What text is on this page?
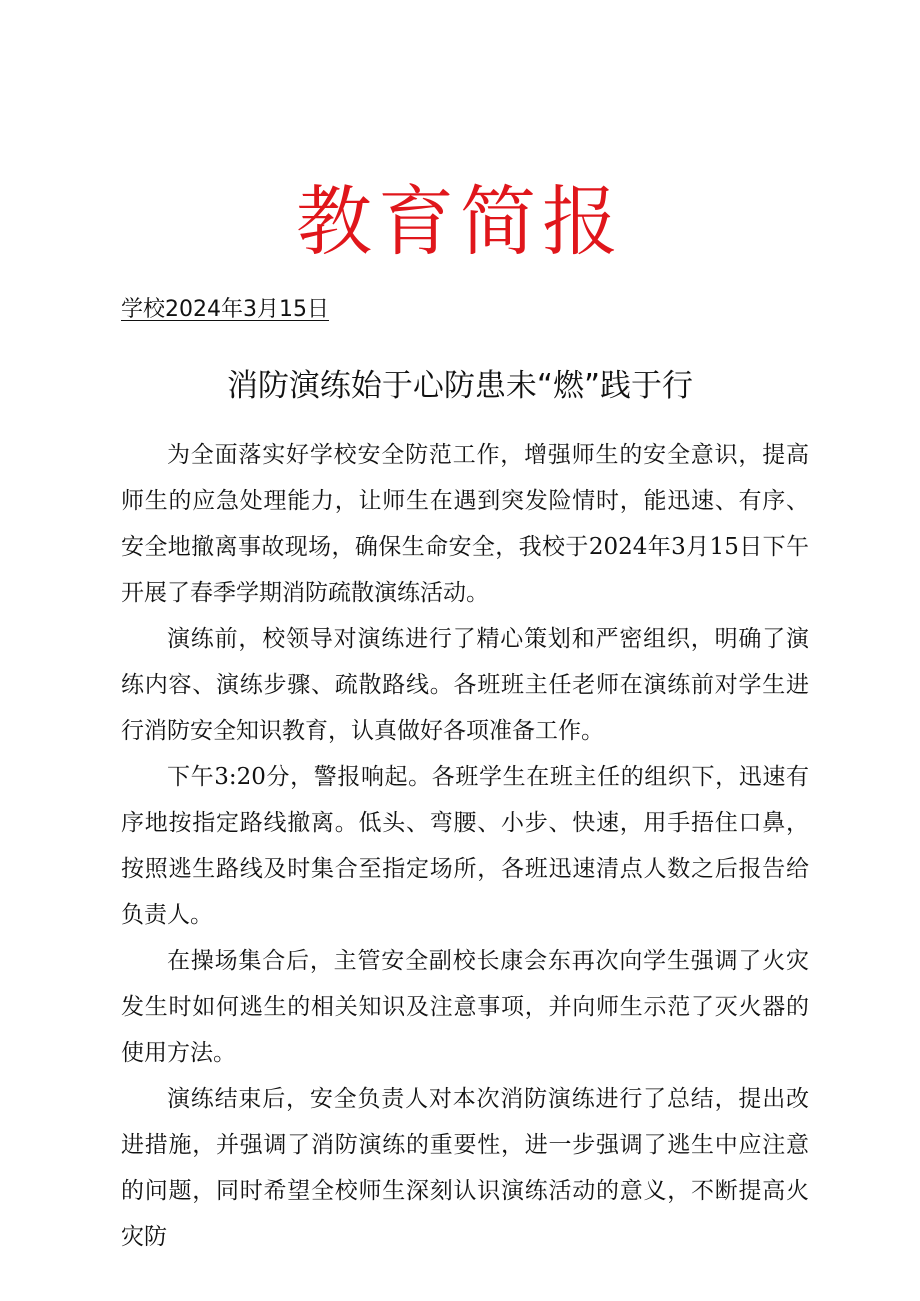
教育简报
学校2024年3月15日
消防演练始于心防患未“燃”践于行

为全面落实好学校安全防范工作，增强师生的安全意识，提高师生的应急处理能力，让师生在遇到突发险情时，能迅速、有序、安全地撤离事故现场，确保生命安全，我校于2024年3月15日下午开展了春季学期消防疏散演练活动。

演练前，校领导对演练进行了精心策划和严密组织，明确了演练内容、演练步骤、疏散路线。各班班主任老师在演练前对学生进行消防安全知识教育，认真做好各项准备工作。

下午3:20分，警报响起。各班学生在班主任的组织下，迅速有序地按指定路线撤离。低头、弯腰、小步、快速，用手捂住口鼻，按照逃生路线及时集合至指定场所，各班迅速清点人数之后报告给负责人。

在操场集合后，主管安全副校长康会东再次向学生强调了火灾发生时如何逃生的相关知识及注意事项，并向师生示范了灭火器的使用方法。

演练结束后，安全负责人对本次消防演练进行了总结，提出改进措施，并强调了消防演练的重要性，进一步强调了逃生中应注意的问题，同时希望全校师生深刻认识演练活动的意义，不断提高火灾防
